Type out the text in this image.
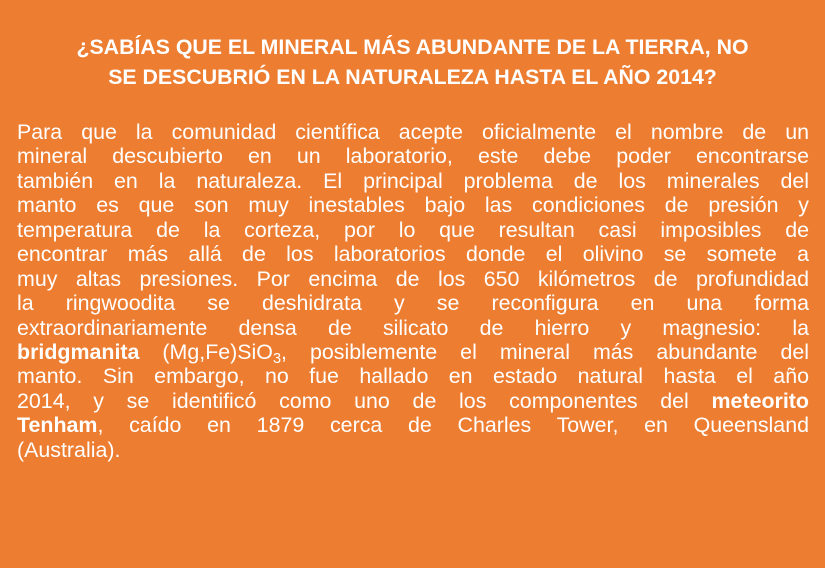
¿SABÍAS QUE EL MINERAL MÁS ABUNDANTE DE LA TIERRA, NO
SE DESCUBRIÓ EN LA NATURALEZA HASTA EL AÑO 2014?
Para que la comunidad científica acepte oficialmente el nombre de un
mineral descubierto en un laboratorio, este debe poder encontrarse
también en la naturaleza. El principal problema de los minerales del
manto es que son muy inestables bajo las condiciones de presión y
temperatura de la corteza, por lo que resultan casi imposibles de
encontrar más allá de los laboratorios donde el olivino se somete a
muy altas presiones. Por encima de los 650 kilómetros de profundidad
la ringwoodita se deshidrata y se reconfigura en una forma
extraordinariamente densa de silicato de hierro y magnesio: la
bridgmanita (Mg,Fe)SiO$_3$, posiblemente el mineral más abundante del
manto. Sin embargo, no fue hallado en estado natural hasta el año
2014, y se identificó como uno de los componentes del meteorito
Tenham, caído en 1879 cerca de Charles Tower, en Queensland
(Australia).
